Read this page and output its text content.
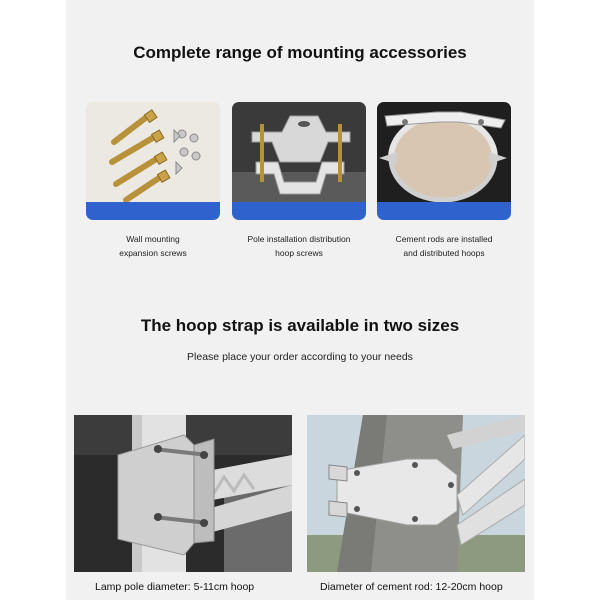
Complete range of mounting accessories
Wall mounting
expansion screws
Pole installation distribution
hoop screws
Cement rods are installed
and distributed hoops
The hoop strap is available in two sizes
Please place your order according to your needs
Lamp pole diameter: 5-11cm hoop	Diameter of cement rod: 12-20cm hoop
